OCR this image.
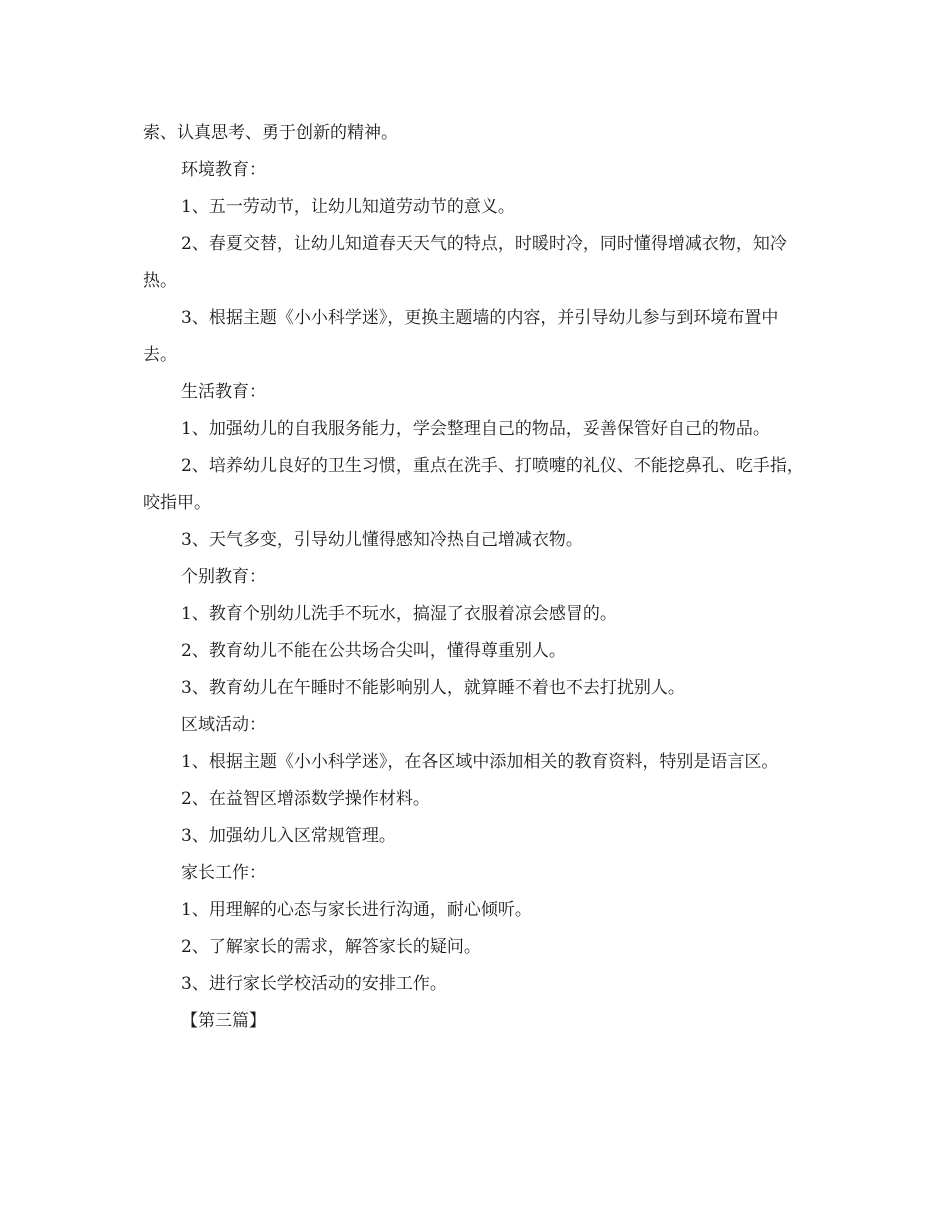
索、认真思考、勇于创新的精神。

环境教育：

1、五一劳动节，让幼儿知道劳动节的意义。

2、春夏交替，让幼儿知道春天天气的特点，时暖时冷，同时懂得增减衣物，知冷热。

3、根据主题《小小科学迷》，更换主题墙的内容，并引导幼儿参与到环境布置中去。

生活教育：

1、加强幼儿的自我服务能力，学会整理自己的物品，妥善保管好自己的物品。

2、培养幼儿良好的卫生习惯，重点在洗手、打喷嚏的礼仪、不能挖鼻孔、吃手指，咬指甲。

3、天气多变，引导幼儿懂得感知冷热自己增减衣物。

个别教育：

1、教育个别幼儿洗手不玩水，搞湿了衣服着凉会感冒的。

2、教育幼儿不能在公共场合尖叫，懂得尊重别人。

3、教育幼儿在午睡时不能影响别人，就算睡不着也不去打扰别人。

区域活动：

1、根据主题《小小科学迷》，在各区域中添加相关的教育资料，特别是语言区。

2、在益智区增添数学操作材料。

3、加强幼儿入区常规管理。

家长工作：

1、用理解的心态与家长进行沟通，耐心倾听。

2、了解家长的需求，解答家长的疑问。

3、进行家长学校活动的安排工作。

【第三篇】
